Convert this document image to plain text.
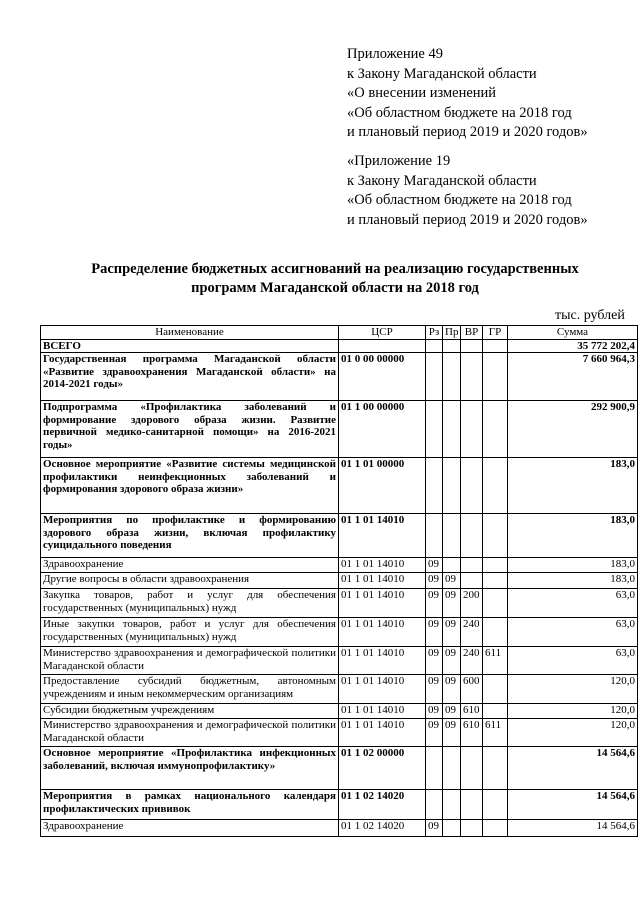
Приложение 49
к Закону Магаданской области
«О внесении изменений
«Об областном бюджете на 2018 год
и плановый период 2019 и 2020 годов»
«Приложение 19
к Закону Магаданской области
«Об областном бюджете на 2018 год
и плановый период 2019 и 2020 годов»
Распределение бюджетных ассигнований на реализацию государственных
программ Магаданской области на 2018 год
тыс. рублей
Наименование	ЦСР	Рз	Пр	ВР	ГР	Сумма
ВСЕГО						35 772 202,4
Государственная программа Магаданской области «Развитие здравоохранения Магаданской области» на 2014-2021 годы»	01 0 00 00000					7 660 964,3
Подпрограмма «Профилактика заболеваний и формирование здорового образа жизни. Развитие первичной медико-санитарной помощи» на 2016-2021 годы»	01 1 00 00000					292 900,9
Основное мероприятие «Развитие системы медицинской профилактики неинфекционных заболеваний и формирования здорового образа жизни»	01 1 01 00000					183,0
Мероприятия по профилактике и формированию здорового образа жизни, включая профилактику суицидального поведения	01 1 01 14010					183,0
Здравоохранение	01 1 01 14010	09				183,0
Другие вопросы в области здравоохранения	01 1 01 14010	09	09			183,0
Закупка товаров, работ и услуг для обеспечения государственных (муниципальных) нужд	01 1 01 14010	09	09	200		63,0
Иные закупки товаров, работ и услуг для обеспечения государственных (муниципальных) нужд	01 1 01 14010	09	09	240		63,0
Министерство здравоохранения и демографической политики Магаданской области	01 1 01 14010	09	09	240	611	63,0
Предоставление субсидий бюджетным, автономным учреждениям и иным некоммерческим организациям	01 1 01 14010	09	09	600		120,0
Субсидии бюджетным учреждениям	01 1 01 14010	09	09	610		120,0
Министерство здравоохранения и демографической политики Магаданской области	01 1 01 14010	09	09	610	611	120,0
Основное мероприятие «Профилактика инфекционных заболеваний, включая иммунопрофилактику»	01 1 02 00000					14 564,6
Мероприятия в рамках национального календаря профилактических прививок	01 1 02 14020					14 564,6
Здравоохранение	01 1 02 14020	09				14 564,6
